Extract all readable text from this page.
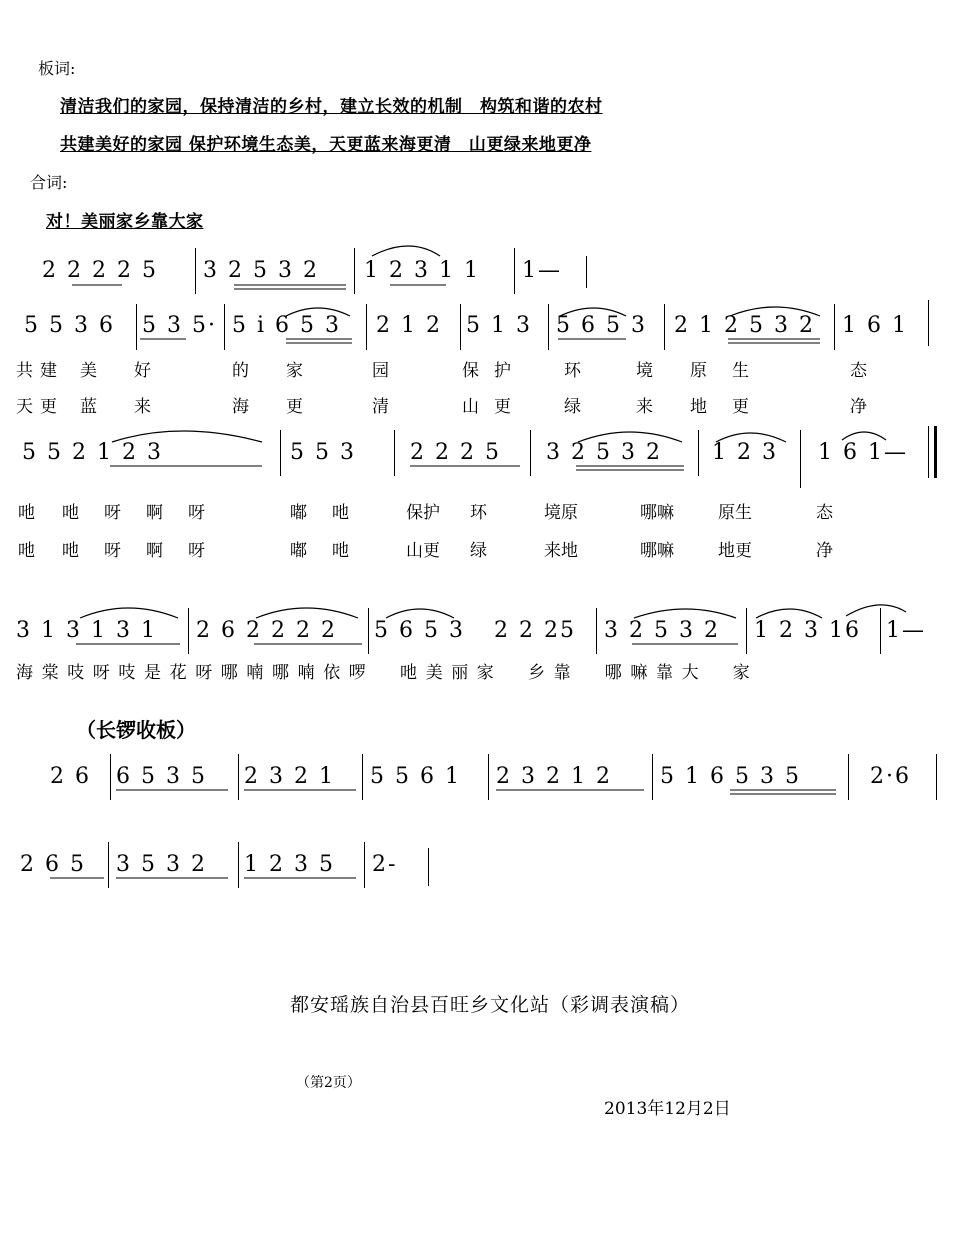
板词:
清洁我们的家园，保持清洁的乡村，建立长效的机制　构筑和谐的农村
共建美好的家园 保护环境生态美，天更蓝来海更清　山更绿来地更净
合词:
对！美丽家乡靠大家
2 2 2 2 5 3 2 5 3 2 1 2 3 1 1 1—
5 5 3 6 5 3 5· 5 i 6 5 3 2 1 2 5 1 3 5 6 5 3 2 1 2 5 3 2 1 6 1
共 建 美 好	的 家	园	保 护	环	境 原 生	态
天 更 蓝 来	海 更	清	山 更	绿	来 地 更	净
5 5 2 1 2 3	5 5 3 2 2 2 5 3 2 5 3 2 1 2 3 1 6 1—
吔 吔 呀 啊 呀	嘟 吔	保护 环	境原	哪嘛	原生	态
吔 吔 呀 啊 呀	嘟 吔	山更 绿	来地	哪嘛	地更	净
3 1 3 1 3 1 2 6 2 2 2 2 5 6 5 3 2 2 25 3 2 5 3 2 1 2 3 16 1—
海棠吱呀吱是花呀哪喃哪喃依啰　吔美丽家　乡靠　哪嘛靠大　家
（长锣收板）
2 6 6 5 3 5 2 3 2 1 5 5 6 1 2 3 2 1 2 5 1 6 5 3 5	2·6
2 6 5 3 5 3 2 1 2 3 5 2-
都安瑶族自治县百旺乡文化站（彩调表演稿）
（第2页）
2013年12月2日
